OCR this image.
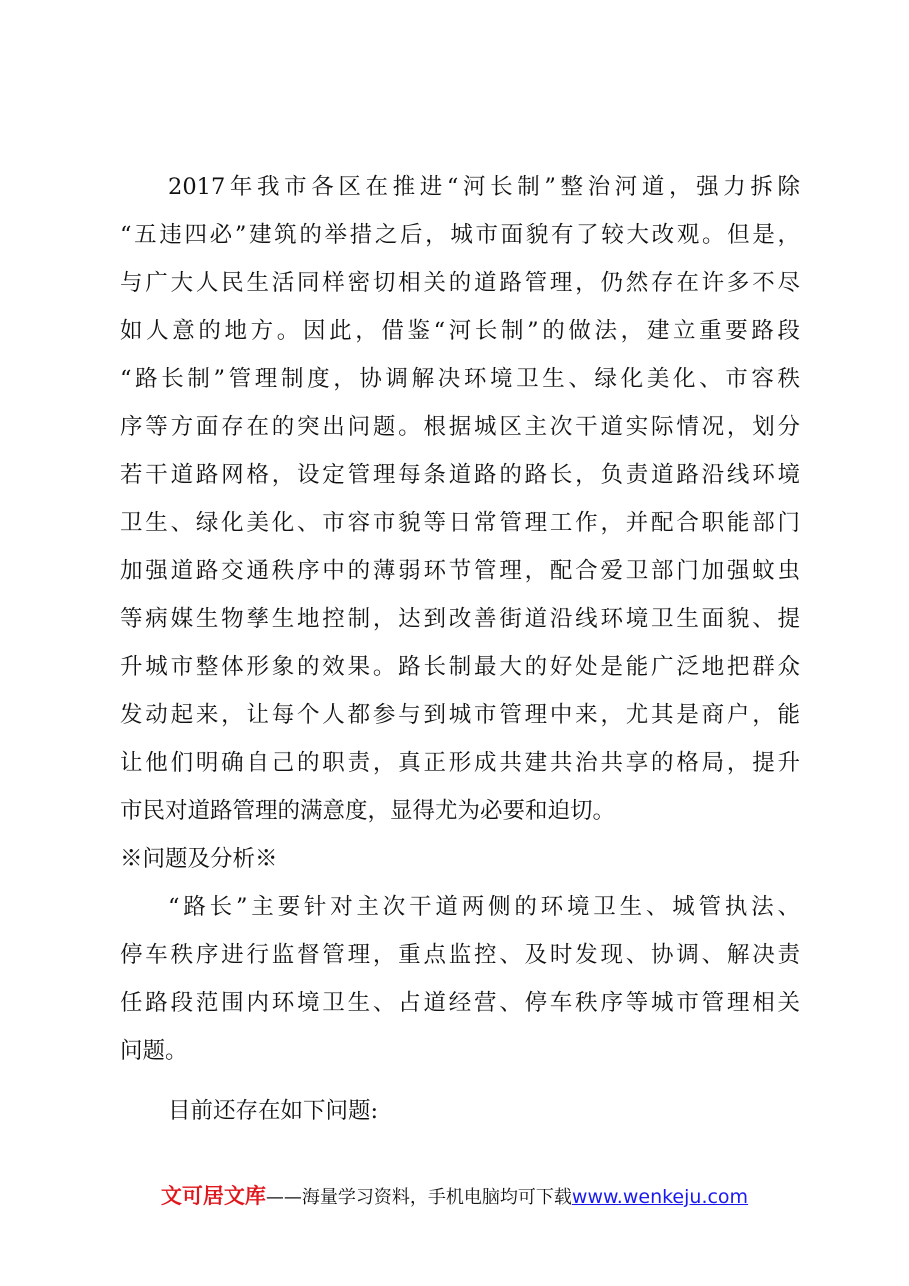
2017年我市各区在推进“河长制”整治河道，强力拆除
“五违四必”建筑的举措之后，城市面貌有了较大改观。但是，
与广大人民生活同样密切相关的道路管理，仍然存在许多不尽
如人意的地方。因此，借鉴“河长制”的做法，建立重要路段
“路长制”管理制度，协调解决环境卫生、绿化美化、市容秩
序等方面存在的突出问题。根据城区主次干道实际情况，划分
若干道路网格，设定管理每条道路的路长，负责道路沿线环境
卫生、绿化美化、市容市貌等日常管理工作，并配合职能部门
加强道路交通秩序中的薄弱环节管理，配合爱卫部门加强蚊虫
等病媒生物孳生地控制，达到改善街道沿线环境卫生面貌、提
升城市整体形象的效果。路长制最大的好处是能广泛地把群众
发动起来，让每个人都参与到城市管理中来，尤其是商户，能
让他们明确自己的职责，真正形成共建共治共享的格局，提升
市民对道路管理的满意度，显得尤为必要和迫切。
※问题及分析※
“路长”主要针对主次干道两侧的环境卫生、城管执法、
停车秩序进行监督管理，重点监控、及时发现、协调、解决责
任路段范围内环境卫生、占道经营、停车秩序等城市管理相关
问题。
目前还存在如下问题:
文可居文库——海量学习资料，手机电脑均可下载www.wenkeju.com
